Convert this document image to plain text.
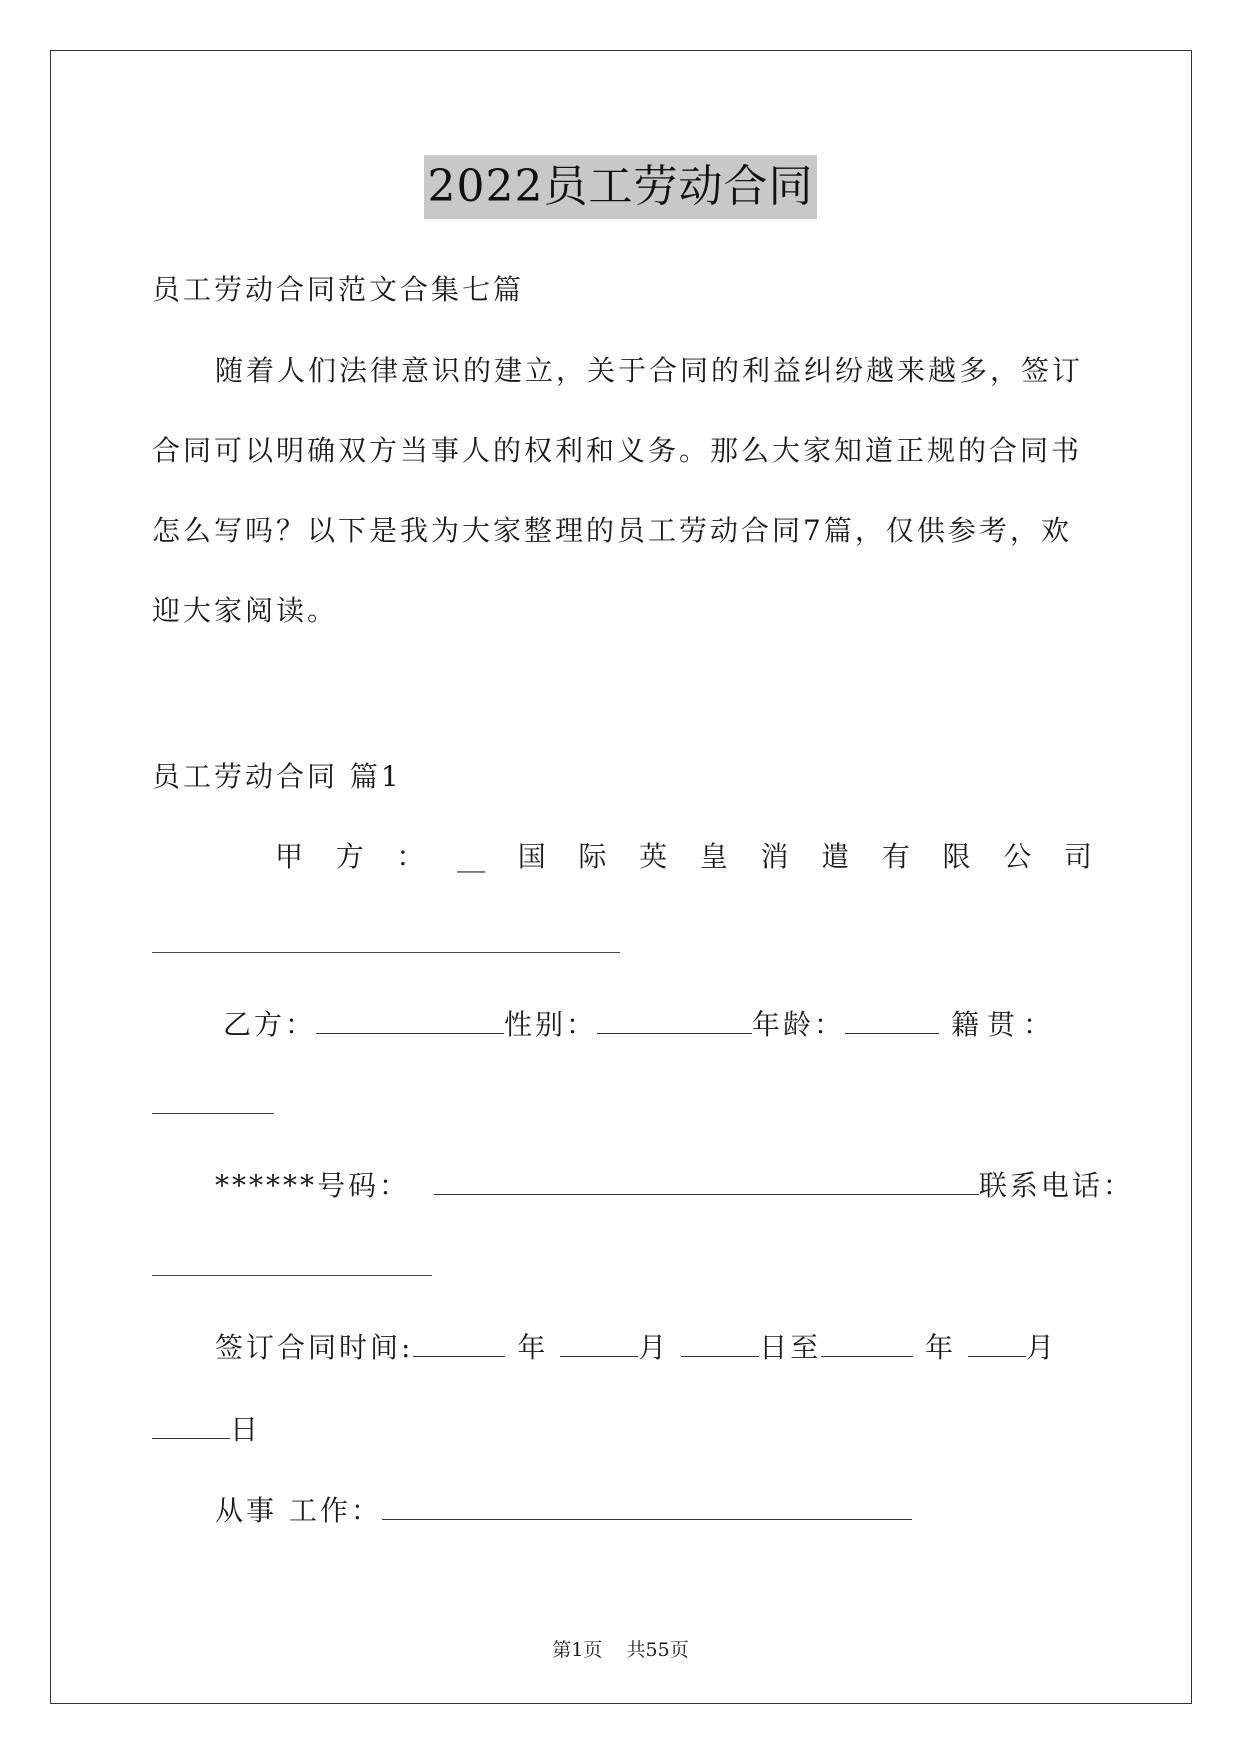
2022员工劳动合同
员工劳动合同范文合集七篇
随着人们法律意识的建立，关于合同的利益纠纷越来越多，签订
合同可以明确双方当事人的权利和义务。那么大家知道正规的合同书
怎么写吗？以下是我为大家整理的员工劳动合同7篇，仅供参考，欢
迎大家阅读。
员工劳动合同 篇1
甲 方 ： __ 国 际 英 皇 消 遣 有 限 公 司
乙方：	性别：	年龄：	籍贯：
******号码：	联系电话：
签订合同时间:	年	月	日至	年 月
日
从事 工作：
第1页 共55页
